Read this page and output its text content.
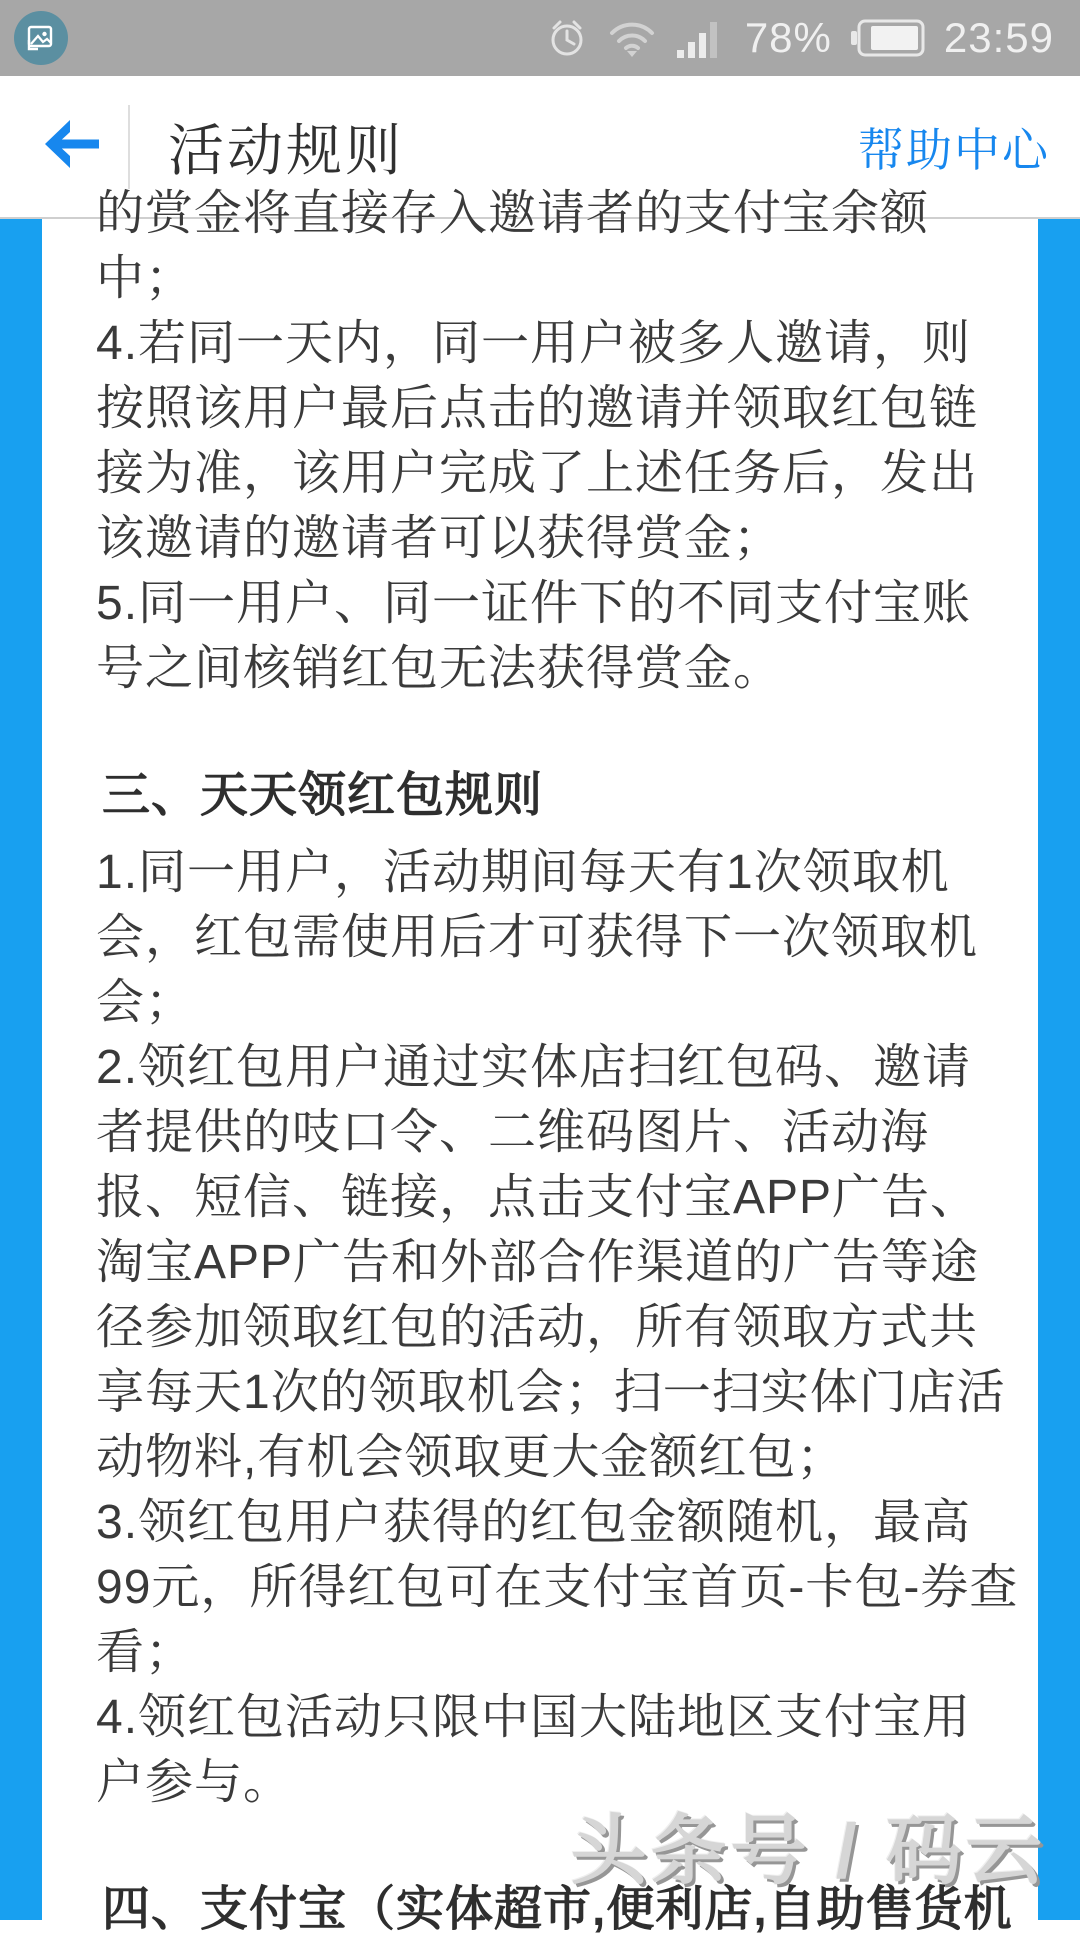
78%	23:59
活动规则	帮助中心
的赏金将直接存入邀请者的支付宝余额
中；
4.若同一天内，同一用户被多人邀请，则
按照该用户最后点击的邀请并领取红包链
接为准，该用户完成了上述任务后，发出
该邀请的邀请者可以获得赏金；
5.同一用户、同一证件下的不同支付宝账
号之间核销红包无法获得赏金。
三、天天领红包规则
1.同一用户，活动期间每天有1次领取机
会，红包需使用后才可获得下一次领取机
会；
2.领红包用户通过实体店扫红包码、邀请
者提供的吱口令、二维码图片、活动海
报、短信、链接，点击支付宝APP广告、
淘宝APP广告和外部合作渠道的广告等途
径参加领取红包的活动，所有领取方式共
享每天1次的领取机会；扫一扫实体门店活
动物料,有机会领取更大金额红包；
3.领红包用户获得的红包金额随机，最高
99元，所得红包可在支付宝首页-卡包-券查
看；
4.领红包活动只限中国大陆地区支付宝用
户参与。
四、支付宝（实体超市,便利店,自助售货机
头条号 / 码云
